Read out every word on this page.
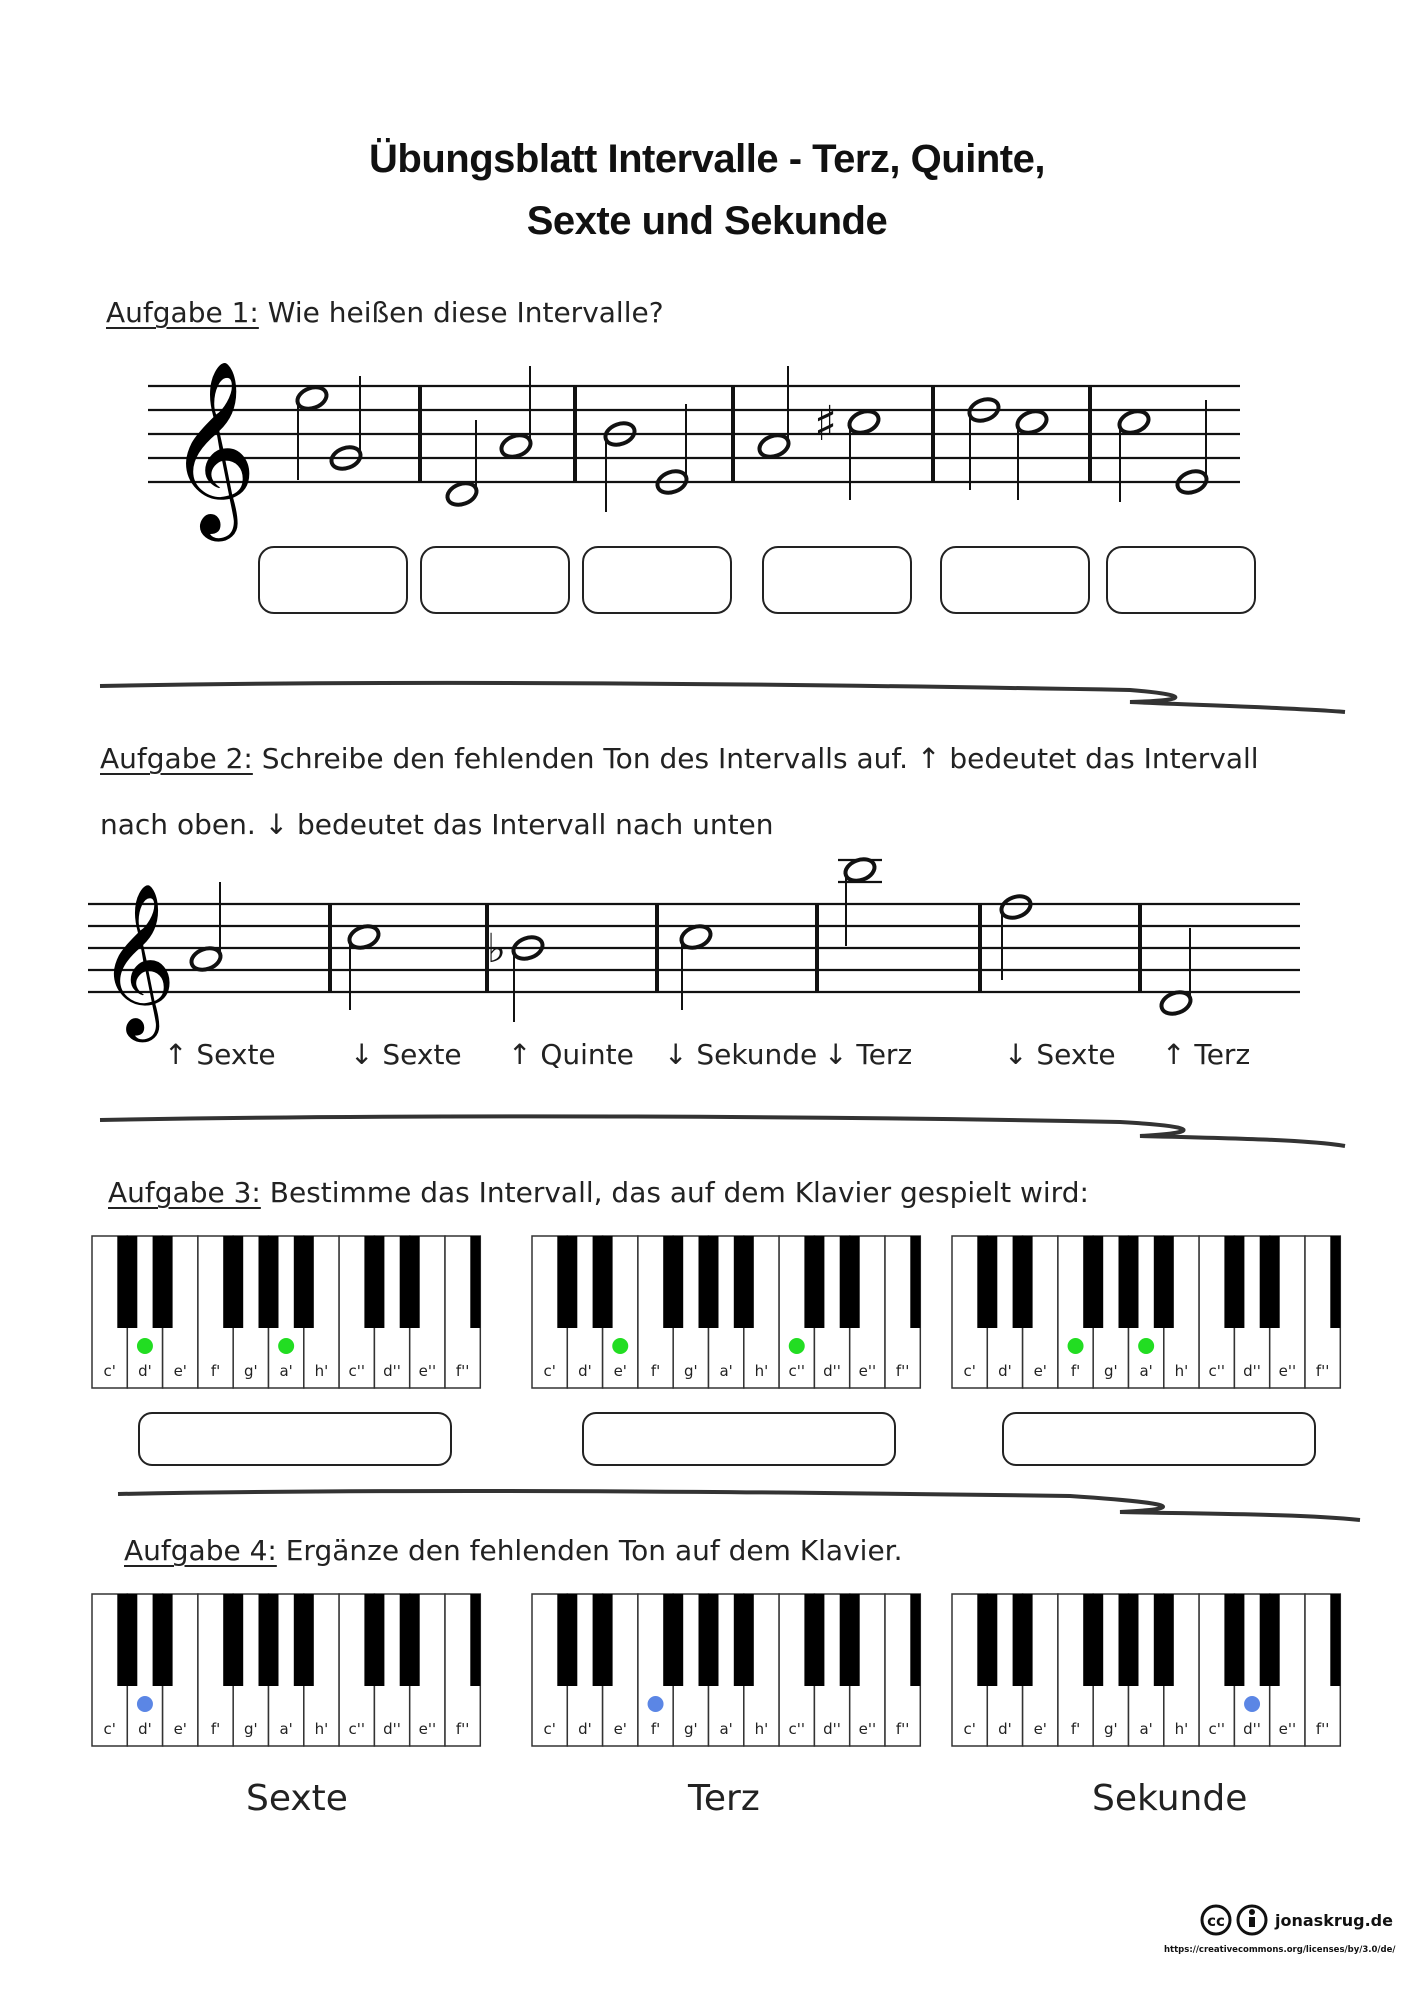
Übungsblatt Intervalle - Terz, Quinte,
Sexte und Sekunde
Aufgabe 1: Wie heißen diese Intervalle?
𝄞	♯
𝄞	♭
c' d' e' f' g' a' h' c'' d'' e'' f''	c' d' e' f' g' a' h' c'' d'' e'' f''	c' d' e' f' g' a' h' c'' d'' e'' f''
c' d' e' f' g' a' h' c'' d'' e'' f''	c' d' e' f' g' a' h' c'' d'' e'' f''	c' d' e' f' g' a' h' c'' d'' e'' f''
cc	jonaskrug.de
https://creativecommons.org/licenses/by/3.0/de/
Aufgabe 2: Schreibe den fehlenden Ton des Intervalls auf. ↑ bedeutet das Intervall
nach oben. ↓ bedeutet das Intervall nach unten
↑ Sexte	↓ Sexte ↑ Quinte ↓ Sekunde ↓ Terz	↓ Sexte ↑ Terz
Aufgabe 3: Bestimme das Intervall, das auf dem Klavier gespielt wird:
Aufgabe 4: Ergänze den fehlenden Ton auf dem Klavier.
Sexte	Terz	Sekunde
